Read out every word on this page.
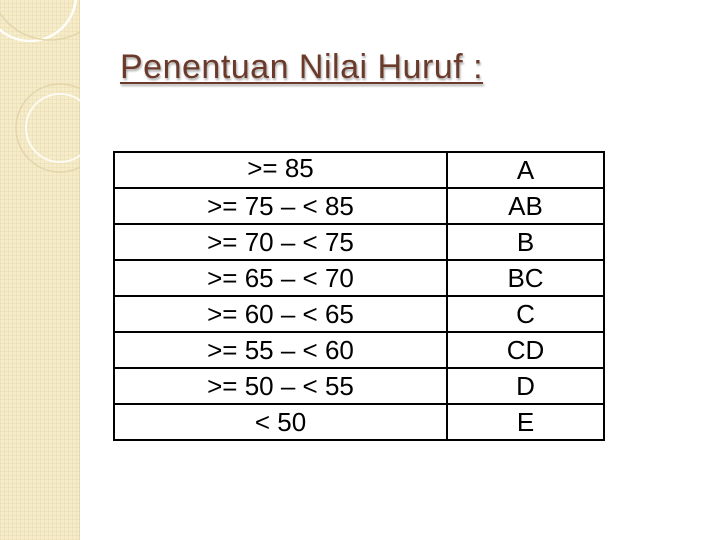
Penentuan Nilai Huruf :
>= 85	A
>= 75 – < 85	AB
>= 70 – < 75	B
>= 65 – < 70	BC
>= 60 – < 65	C
>= 55 – < 60	CD
>= 50 – < 55	D
< 50	E
